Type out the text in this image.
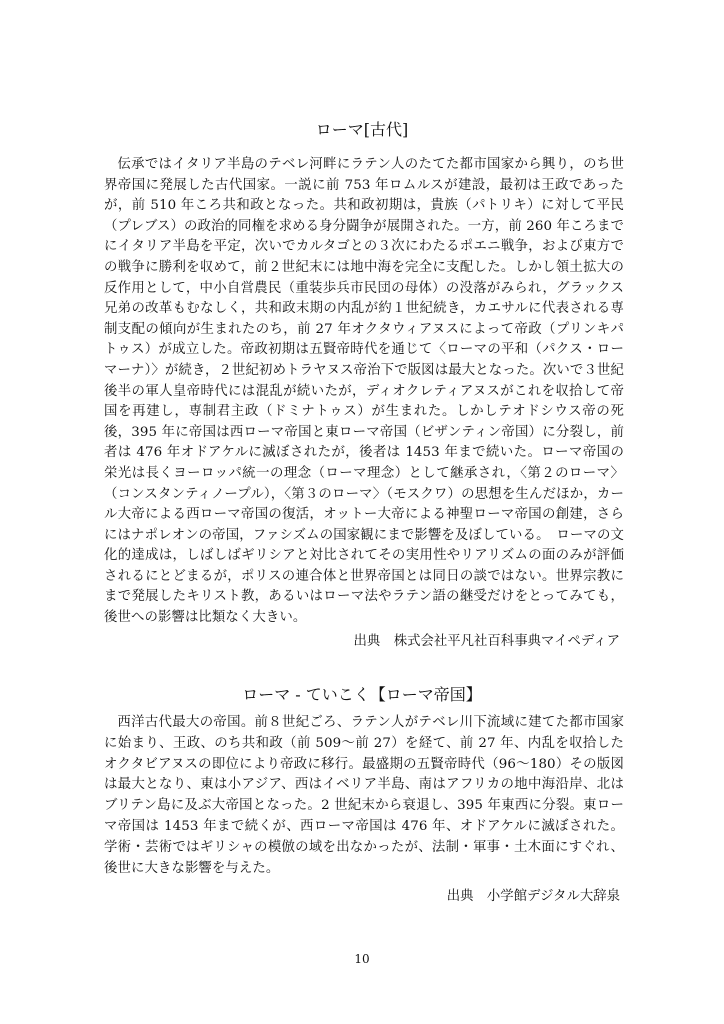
ローマ[古代]

伝承ではイタリア半島のテベレ河畔にラテン人のたてた都市国家から興り，のち世界帝国に発展した古代国家。一説に前 753 年ロムルスが建設，最初は王政であったが，前 510 年ころ共和政となった。共和政初期は，貴族（パトリキ）に対して平民（プレブス）の政治的同権を求める身分闘争が展開された。一方，前 260 年ころまでにイタリア半島を平定，次いでカルタゴとの３次にわたるポエニ戦争，および東方での戦争に勝利を収めて，前２世紀末には地中海を完全に支配した。しかし領土拡大の反作用として，中小自営農民（重装歩兵市民団の母体）の没落がみられ，グラックス兄弟の改革もむなしく，共和政末期の内乱が約１世紀続き，カエサルに代表される専制支配の傾向が生まれたのち，前 27 年オクタウィアヌスによって帝政（プリンキパトゥス）が成立した。帝政初期は五賢帝時代を通じて〈ローマの平和（パクス・ローマーナ）〉が続き，２世紀初めトラヤヌス帝治下で版図は最大となった。次いで３世紀後半の軍人皇帝時代には混乱が続いたが，ディオクレティアヌスがこれを収拾して帝国を再建し，専制君主政（ドミナトゥス）が生まれた。しかしテオドシウス帝の死後，395 年に帝国は西ローマ帝国と東ローマ帝国（ビザンティン帝国）に分裂し，前者は 476 年オドアケルに滅ぼされたが，後者は 1453 年まで続いた。ローマ帝国の栄光は長くヨーロッパ統一の理念（ローマ理念）として継承され，〈第２のローマ〉（コンスタンティノープル），〈第３のローマ〉（モスクワ）の思想を生んだほか，カール大帝による西ローマ帝国の復活，オットー大帝による神聖ローマ帝国の創建，さらにはナポレオンの帝国，ファシズムの国家観にまで影響を及ぼしている。　ローマの文化的達成は，しばしばギリシアと対比されてその実用性やリアリズムの面のみが評価されるにとどまるが，ポリスの連合体と世界帝国とは同日の談ではない。世界宗教にまで発展したキリスト教，あるいはローマ法やラテン語の継受だけをとってみても，後世への影響は比類なく大きい。

出典 株式会社平凡社百科事典マイペディア

ローマ - ていこく【ローマ帝国】

西洋古代最大の帝国。前８世紀ごろ、ラテン人がテベレ川下流域に建てた都市国家に始まり、王政、のち共和政（前 509～前 27）を経て、前 27 年、内乱を収拾したオクタビアヌスの即位により帝政に移行。最盛期の五賢帝時代（96～180）その版図は最大となり、東は小アジア、西はイベリア半島、南はアフリカの地中海沿岸、北はブリテン島に及ぶ大帝国となった。2 世紀末から衰退し、395 年東西に分裂。東ローマ帝国は 1453 年まで続くが、西ローマ帝国は 476 年、オドアケルに滅ぼされた。学術・芸術ではギリシャの模倣の域を出なかったが、法制・軍事・土木面にすぐれ、後世に大きな影響を与えた。

出典 小学館デジタル大辞泉

10
